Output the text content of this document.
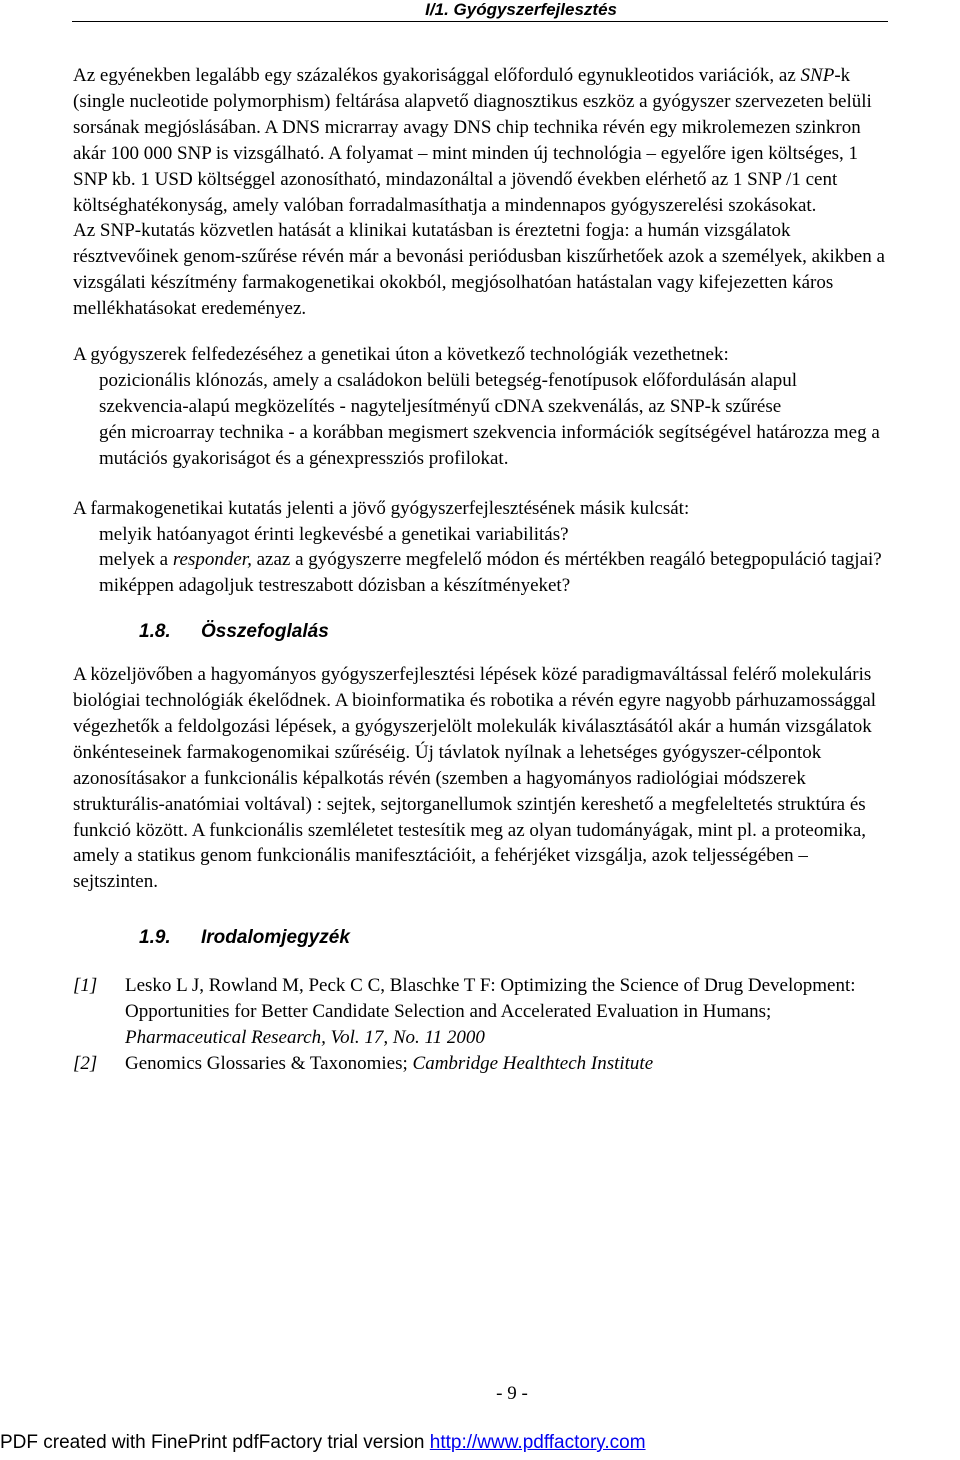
I/1. Gyógyszerfejlesztés

Az egyénekben legalább egy százalékos gyakorisággal előforduló egynukleotidos variációk, az SNP-k (single nucleotide polymorphism) feltárása alapvető diagnosztikus eszköz a gyógyszer szervezeten belüli sorsának megjóslásában. A DNS micrarray avagy DNS chip technika révén egy mikrolemezen szinkron akár 100 000 SNP is vizsgálható. A folyamat – mint minden új technológia – egyelőre igen költséges, 1 SNP kb. 1 USD költséggel azonosítható, mindazonáltal a jövendő években elérhető az 1 SNP /1 cent költséghatékonyság, amely valóban forradalmasíthatja a mindennapos gyógyszerelési szokásokat.

Az SNP-kutatás közvetlen hatását a klinikai kutatásban is éreztetni fogja: a humán vizsgálatok résztvevőinek genom-szűrése révén már a bevonási periódusban kiszűrhetőek azok a személyek, akikben a vizsgálati készítmény farmakogenetikai okokból, megjósolhatóan hatástalan vagy kifejezetten káros mellékhatásokat eredeményez.

A gyógyszerek felfedezéséhez a genetikai úton a következő technológiák vezethetnek:

pozicionális klónozás, amely a családokon belüli betegség-fenotípusok előfordulásán alapul

szekvencia-alapú megközelítés - nagyteljesítményű cDNA szekvenálás, az SNP-k szűrése

gén microarray technika - a korábban megismert szekvencia információk segítségével határozza meg a mutációs gyakoriságot és a génexpressziós profilokat.

A farmakogenetikai kutatás jelenti a jövő gyógyszerfejlesztésének másik kulcsát:

melyik hatóanyagot érinti legkevésbé a genetikai variabilitás?

melyek a responder, azaz a gyógyszerre megfelelő módon és mértékben reagáló betegpopuláció tagjai?

miképpen adagoljuk testreszabott dózisban a készítményeket?

1.8. Összefoglalás

A közeljövőben a hagyományos gyógyszerfejlesztési lépések közé paradigmaváltással felérő molekuláris biológiai technológiák ékelődnek. A bioinformatika és robotika a révén egyre nagyobb párhuzamossággal végezhetők a feldolgozási lépések, a gyógyszerjelölt molekulák kiválasztásától akár a humán vizsgálatok önkénteseinek farmakogenomikai szűréséig. Új távlatok nyílnak a lehetséges gyógyszer-célpontok azonosításakor a funkcionális képalkotás révén (szemben a hagyományos radiológiai módszerek strukturális-anatómiai voltával) : sejtek, sejtorganellumok szintjén kereshető a megfeleltetés struktúra és funkció között. A funkcionális szemléletet testesítik meg az olyan tudományágak, mint pl. a proteomika, amely a statikus genom funkcionális manifesztációit, a fehérjéket vizsgálja, azok teljességében – sejtszinten.

1.9. Irodalomjegyzék

[1]	Lesko L J, Rowland M, Peck C C, Blaschke T F: Optimizing the Science of Drug Development: Opportunities for Better Candidate Selection and Accelerated Evaluation in Humans; Pharmaceutical Research, Vol. 17, No. 11 2000
[2]	Genomics Glossaries & Taxonomies; Cambridge Healthtech Institute
- 9 -
PDF created with FinePrint pdfFactory trial version http://www.pdffactory.com
